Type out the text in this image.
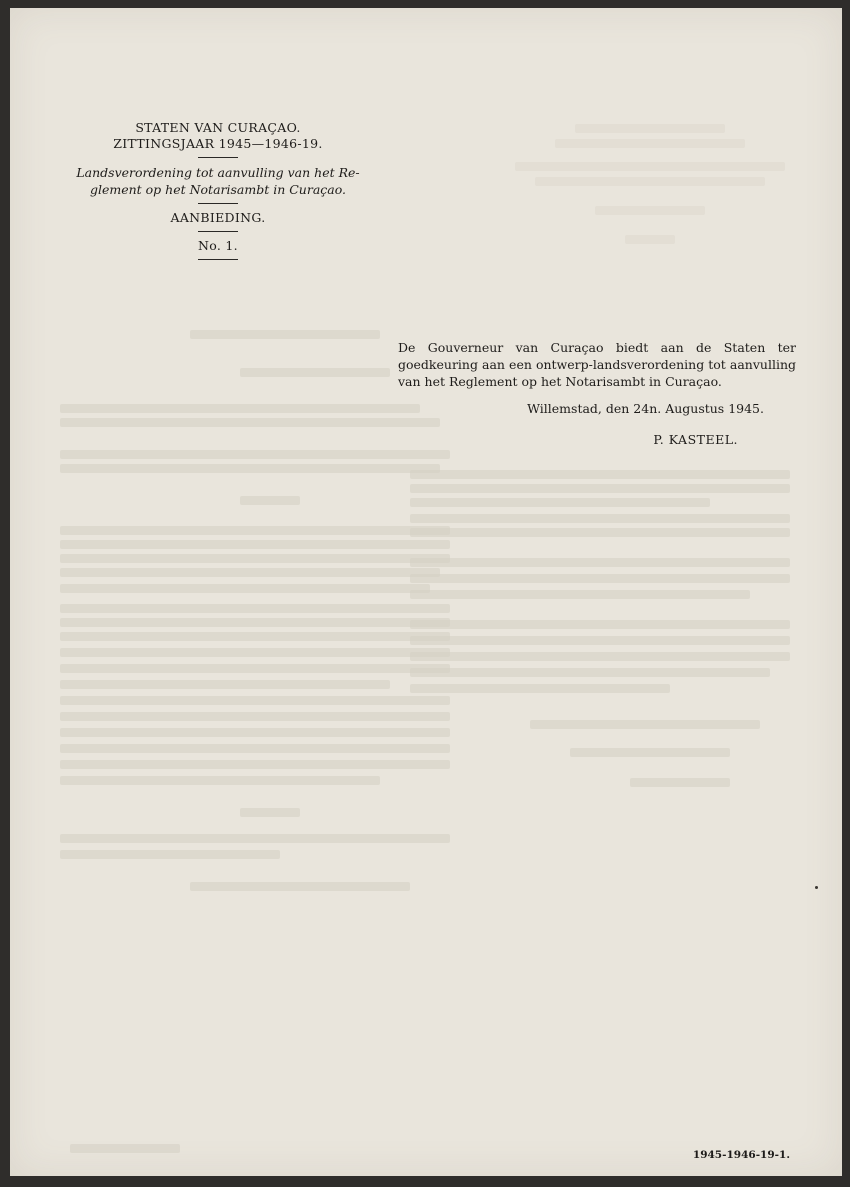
STATEN VAN CURAÇAO.
ZITTINGSJAAR 1945—1946-19.
Landsverordening tot aanvulling van het Re-
glement op het Notarisambt in Curaçao.
AANBIEDING.
No. 1.
De Gouverneur van Curaçao biedt aan de Staten ter goedkeuring aan een ontwerp-landsverordening tot aanvulling van het Reglement op het Notarisambt in Curaçao.
Willemstad, den 24n. Augustus 1945.
P. KASTEEL.
1945-1946-19-1.
